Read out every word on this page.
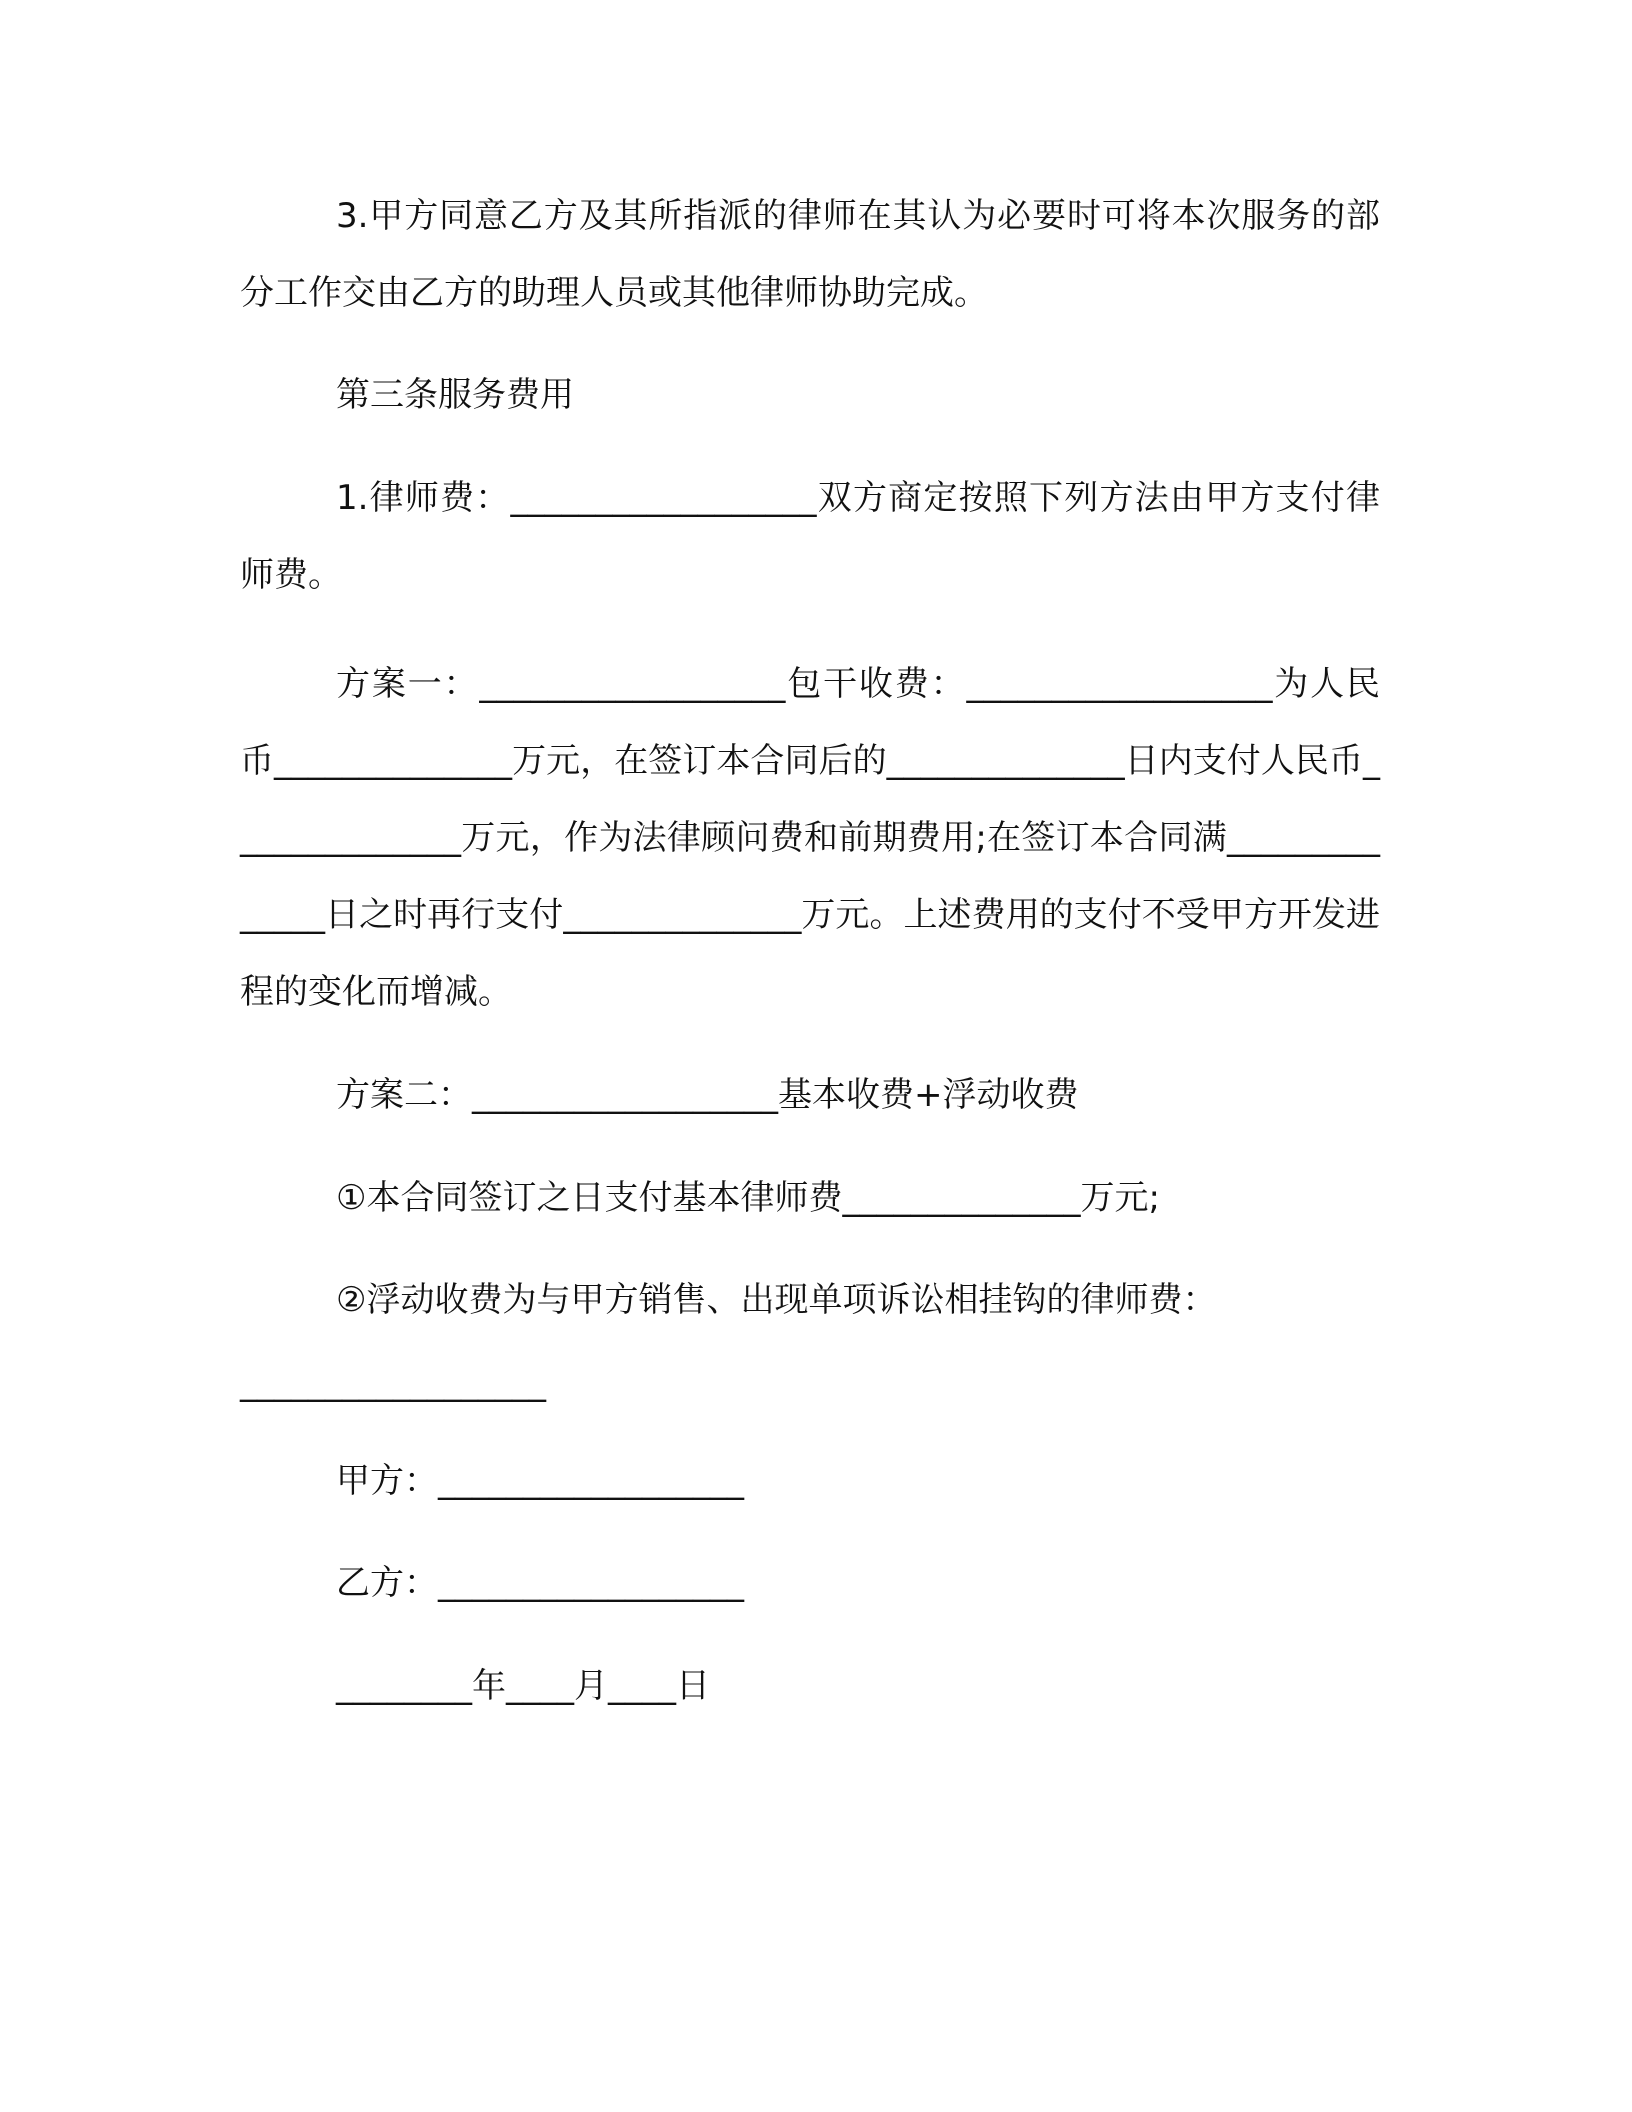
3.甲方同意乙方及其所指派的律师在其认为必要时可将本次服务的部分工作交由乙方的助理人员或其他律师协助完成。

第三条服务费用

1.律师费：__________________双方商定按照下列方法由甲方支付律师费。

方案一：__________________包干收费：__________________为人民币______________万元，在签订本合同后的______________日内支付人民币______________万元，作为法律顾问费和前期费用;在签订本合同满______________日之时再行支付______________万元。上述费用的支付不受甲方开发进程的变化而增减。

方案二：__________________基本收费+浮动收费

①本合同签订之日支付基本律师费______________万元;

②浮动收费为与甲方销售、出现单项诉讼相挂钩的律师费：

__________________

甲方：__________________

乙方：__________________

________年____月____日
